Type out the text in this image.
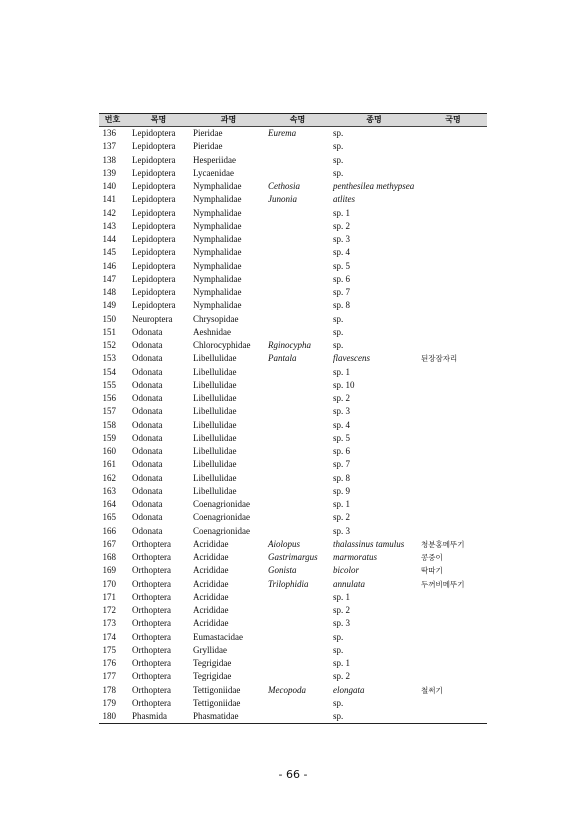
번호	목명	과명	속명	종명	국명
136	Lepidoptera	Pieridae	Eurema	sp.	
137	Lepidoptera	Pieridae		sp.	
138	Lepidoptera	Hesperiidae		sp.	
139	Lepidoptera	Lycaenidae		sp.	
140	Lepidoptera	Nymphalidae	Cethosia	penthesilea methypsea	
141	Lepidoptera	Nymphalidae	Junonia	atlites	
142	Lepidoptera	Nymphalidae		sp. 1	
143	Lepidoptera	Nymphalidae		sp. 2	
144	Lepidoptera	Nymphalidae		sp. 3	
145	Lepidoptera	Nymphalidae		sp. 4	
146	Lepidoptera	Nymphalidae		sp. 5	
147	Lepidoptera	Nymphalidae		sp. 6	
148	Lepidoptera	Nymphalidae		sp. 7	
149	Lepidoptera	Nymphalidae		sp. 8	
150	Neuroptera	Chrysopidae		sp.	
151	Odonata	Aeshnidae		sp.	
152	Odonata	Chlorocyphidae	Rginocypha	sp.	
153	Odonata	Libellulidae	Pantala	flavescens	된장잠자리
154	Odonata	Libellulidae		sp. 1	
155	Odonata	Libellulidae		sp. 10	
156	Odonata	Libellulidae		sp. 2	
157	Odonata	Libellulidae		sp. 3	
158	Odonata	Libellulidae		sp. 4	
159	Odonata	Libellulidae		sp. 5	
160	Odonata	Libellulidae		sp. 6	
161	Odonata	Libellulidae		sp. 7	
162	Odonata	Libellulidae		sp. 8	
163	Odonata	Libellulidae		sp. 9	
164	Odonata	Coenagrionidae		sp. 1	
165	Odonata	Coenagrionidae		sp. 2	
166	Odonata	Coenagrionidae		sp. 3	
167	Orthoptera	Acrididae	Aiolopus	thalassinus tamulus	청분홍메뚜기
168	Orthoptera	Acrididae	Gastrimargus	marmoratus	콩중이
169	Orthoptera	Acrididae	Gonista	bicolor	딱따기
170	Orthoptera	Acrididae	Trilophidia	annulata	두꺼비메뚜기
171	Orthoptera	Acrididae		sp. 1	
172	Orthoptera	Acrididae		sp. 2	
173	Orthoptera	Acrididae		sp. 3	
174	Orthoptera	Eumastacidae		sp.	
175	Orthoptera	Gryllidae		sp.	
176	Orthoptera	Tegrigidae		sp. 1	
177	Orthoptera	Tegrigidae		sp. 2	
178	Orthoptera	Tettigoniidae	Mecopoda	elongata	철써기
179	Orthoptera	Tettigoniidae		sp.	
180	Phasmida	Phasmatidae		sp.	
- 66 -
